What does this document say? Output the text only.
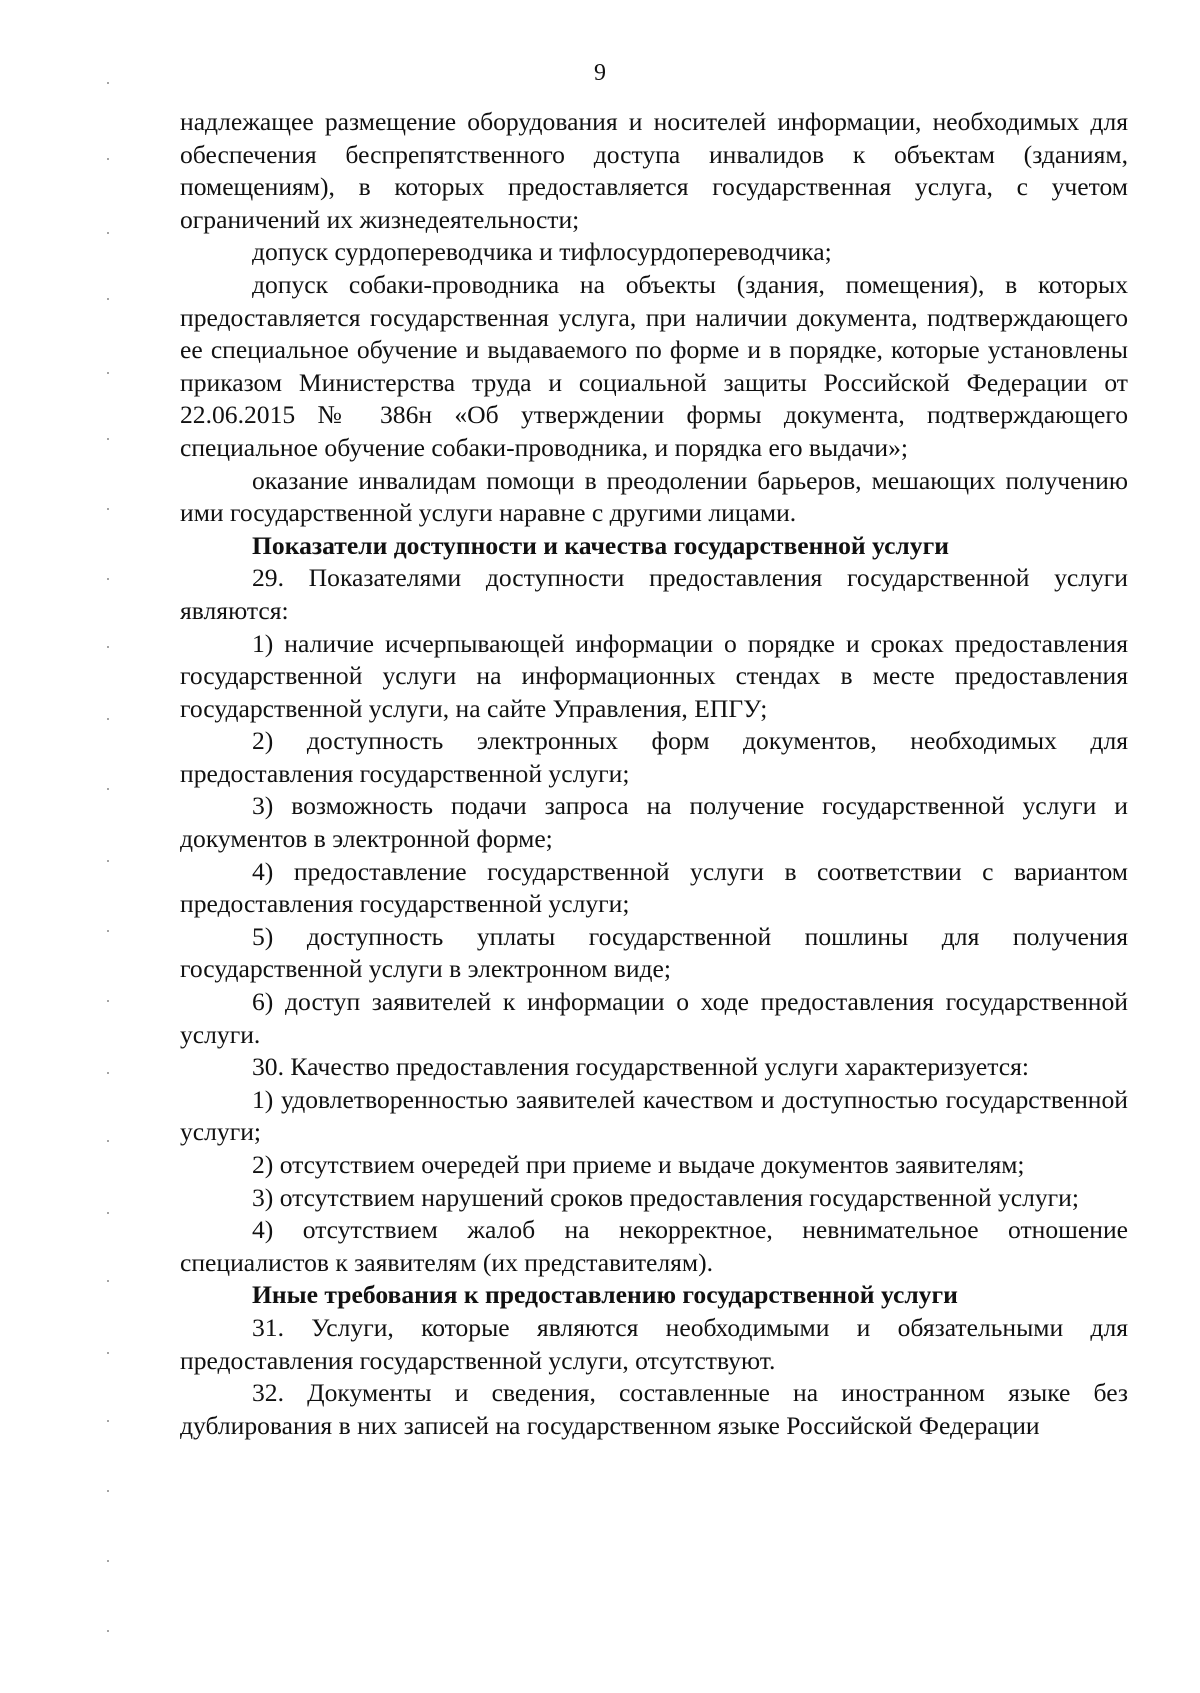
9

надлежащее размещение оборудования и носителей информации, необходимых для обеспечения беспрепятственного доступа инвалидов к объектам (зданиям, помещениям), в которых предоставляется государственная услуга, с учетом ограничений их жизнедеятельности;

допуск сурдопереводчика и тифлосурдопереводчика;

допуск собаки-проводника на объекты (здания, помещения), в которых предоставляется государственная услуга, при наличии документа, подтверждающего ее специальное обучение и выдаваемого по форме и в порядке, которые установлены приказом Министерства труда и социальной защиты Российской Федерации от 22.06.2015 № 386н «Об утверждении формы документа, подтверждающего специальное обучение собаки-проводника, и порядка его выдачи»;

оказание инвалидам помощи в преодолении барьеров, мешающих получению ими государственной услуги наравне с другими лицами.

Показатели доступности и качества государственной услуги

29. Показателями доступности предоставления государственной услуги являются:

1) наличие исчерпывающей информации о порядке и сроках предоставления государственной услуги на информационных стендах в месте предоставления государственной услуги, на сайте Управления, ЕПГУ;

2) доступность электронных форм документов, необходимых для предоставления государственной услуги;

3) возможность подачи запроса на получение государственной услуги и документов в электронной форме;

4) предоставление государственной услуги в соответствии с вариантом предоставления государственной услуги;

5) доступность уплаты государственной пошлины для получения государственной услуги в электронном виде;

6) доступ заявителей к информации о ходе предоставления государственной услуги.

30. Качество предоставления государственной услуги характеризуется:

1) удовлетворенностью заявителей качеством и доступностью государственной услуги;

2) отсутствием очередей при приеме и выдаче документов заявителям;

3) отсутствием нарушений сроков предоставления государственной услуги;

4) отсутствием жалоб на некорректное, невнимательное отношение специалистов к заявителям (их представителям).

Иные требования к предоставлению государственной услуги

31. Услуги, которые являются необходимыми и обязательными для предоставления государственной услуги, отсутствуют.

32. Документы и сведения, составленные на иностранном языке без дублирования в них записей на государственном языке Российской Федерации
